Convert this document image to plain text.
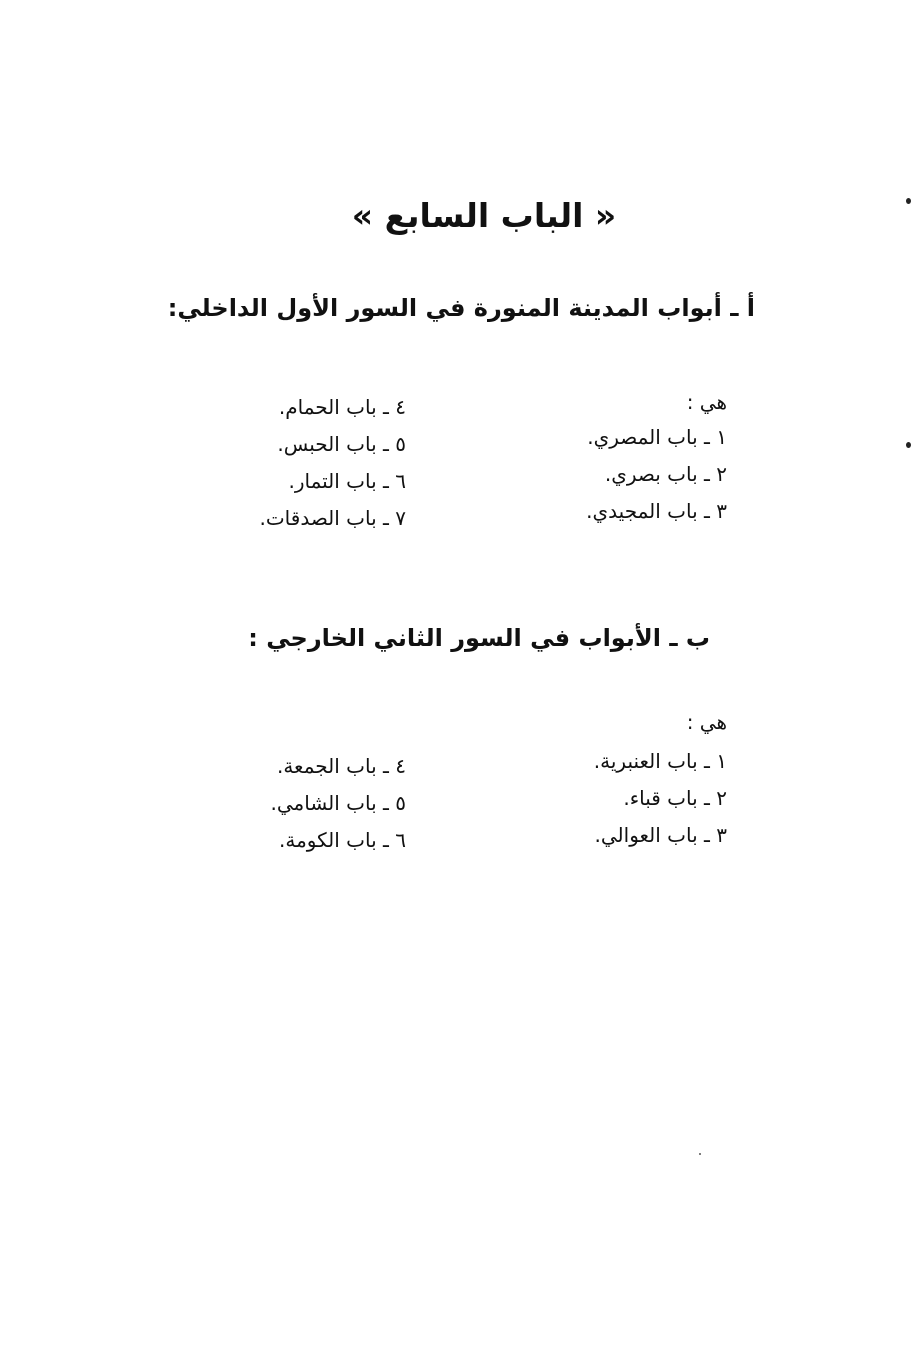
« الباب السابع »
أ ـ أبواب المدينة المنورة في السور الأول الداخلي:
هي :
١ ـ باب المصري.
٢ ـ باب بصري.
٣ ـ باب المجيدي.
٤ ـ باب الحمام.
٥ ـ باب الحبس.
٦ ـ باب التمار.
٧ ـ باب الصدقات.
ب ـ الأبواب في السور الثاني الخارجي :
هي :
١ ـ باب العنبرية.
٢ ـ باب قباء.
٣ ـ باب العوالي.
٤ ـ باب الجمعة.
٥ ـ باب الشامي.
٦ ـ باب الكومة.
